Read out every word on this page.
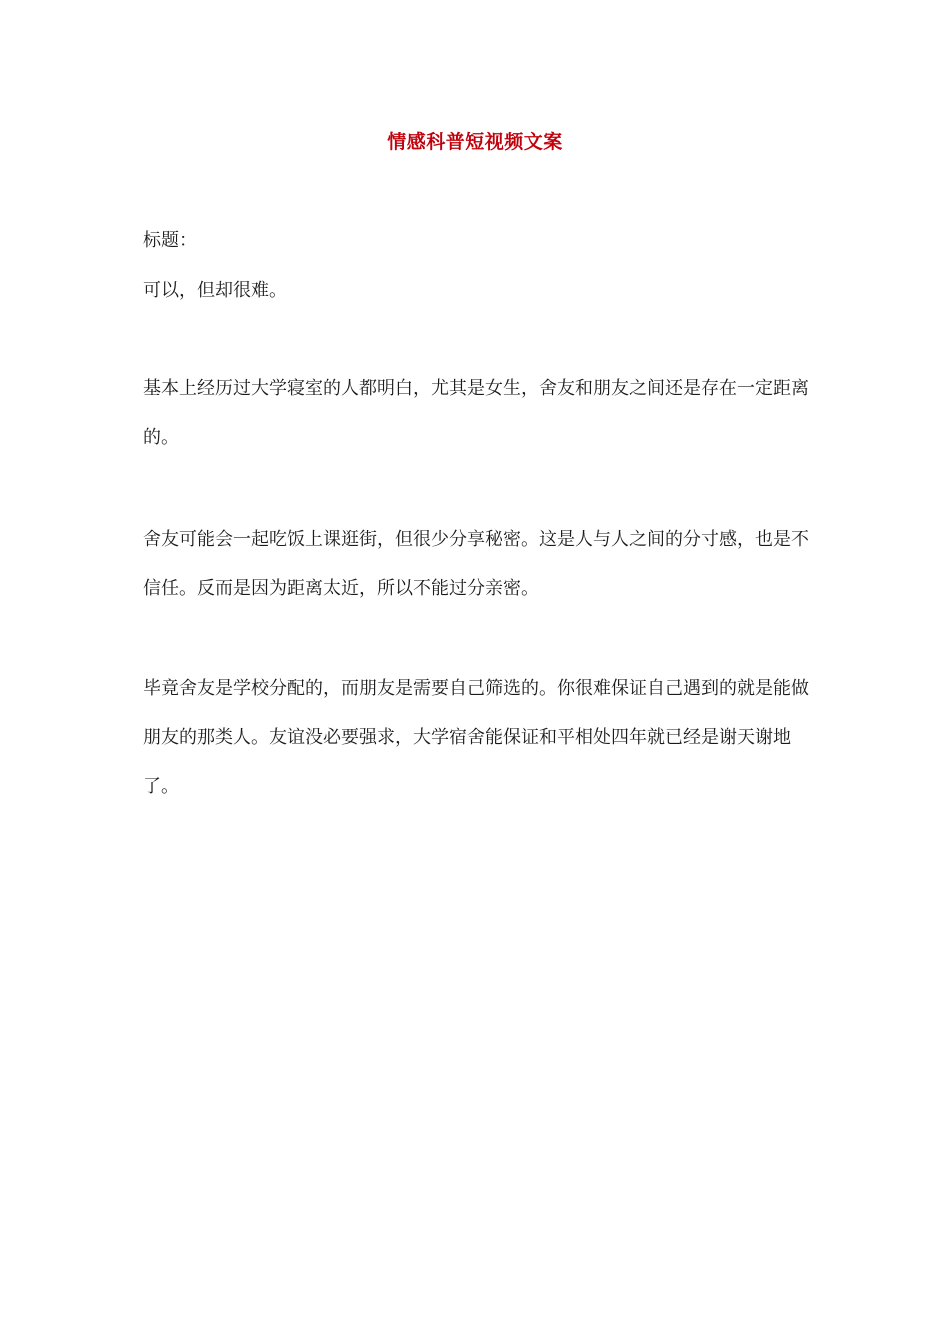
情感科普短视频文案

标题：

可以，但却很难。

基本上经历过大学寝室的人都明白，尤其是女生，舍友和朋友之间还是存在一定距离的。

舍友可能会一起吃饭上课逛街，但很少分享秘密。这是人与人之间的分寸感，也是不信任。反而是因为距离太近，所以不能过分亲密。

毕竟舍友是学校分配的，而朋友是需要自己筛选的。你很难保证自己遇到的就是能做朋友的那类人。友谊没必要强求，大学宿舍能保证和平相处四年就已经是谢天谢地了。
